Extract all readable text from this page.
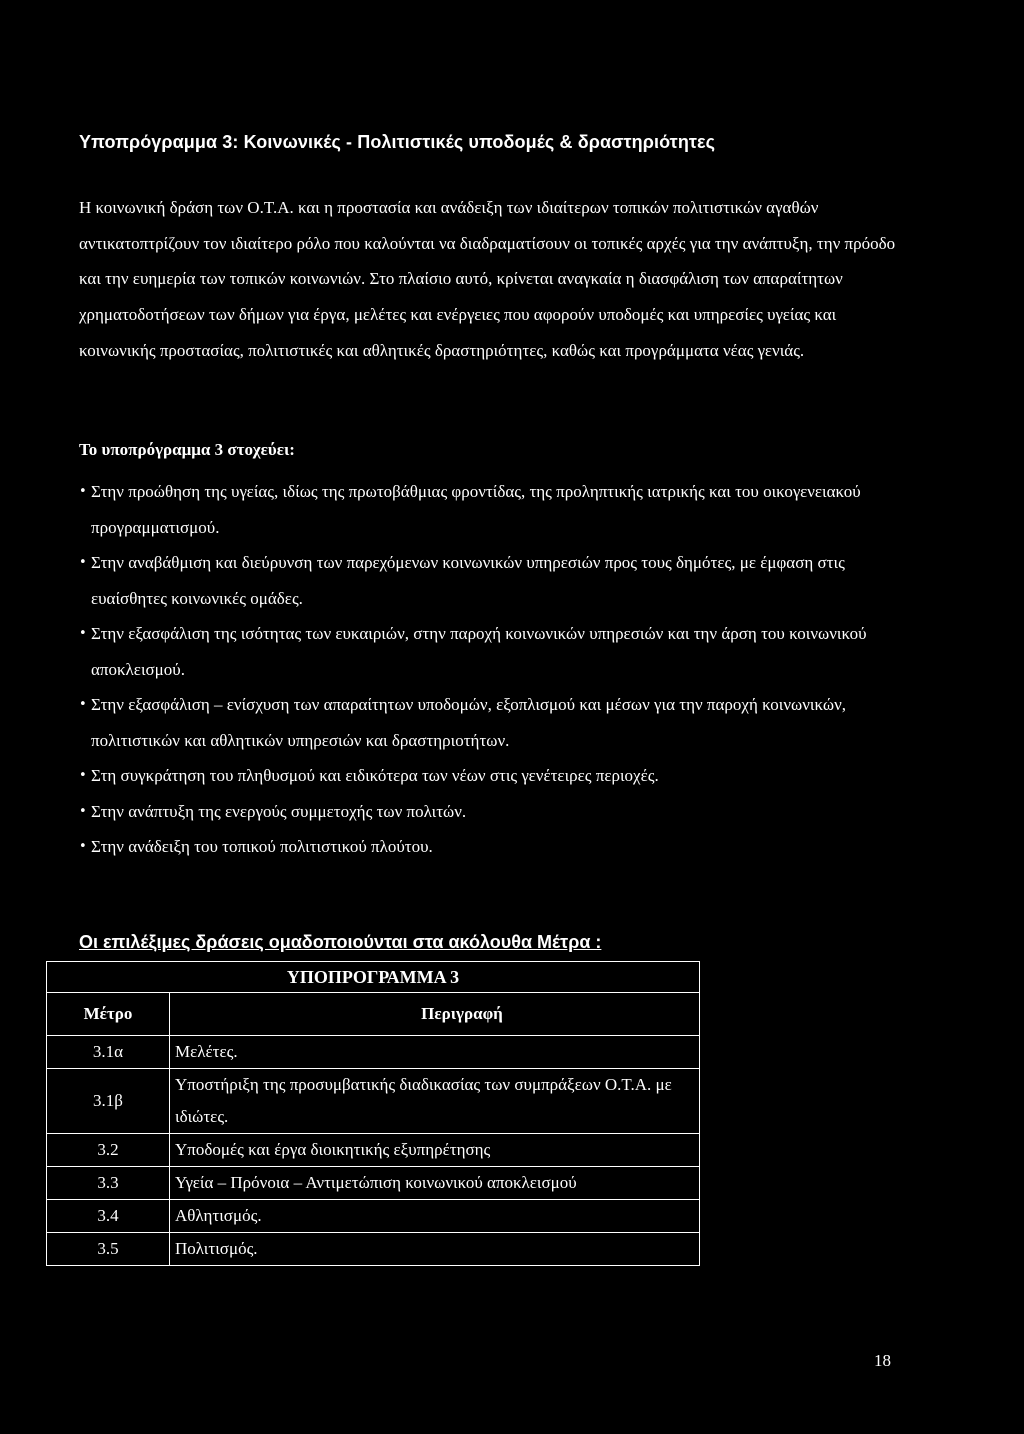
Υποπρόγραμμα 3: Κοινωνικές - Πολιτιστικές υποδομές & δραστηριότητες

Η κοινωνική δράση των Ο.Τ.Α. και η προστασία και ανάδειξη των ιδιαίτερων τοπικών πολιτιστικών αγαθών αντικατοπτρίζουν τον ιδιαίτερο ρόλο που καλούνται να διαδραματίσουν οι τοπικές αρχές για την ανάπτυξη, την πρόοδο και την ευημερία των τοπικών κοινωνιών. Στο πλαίσιο αυτό, κρίνεται αναγκαία η διασφάλιση των απαραίτητων χρηματοδοτήσεων των δήμων για έργα, μελέτες και ενέργειες που αφορούν υποδομές και υπηρεσίες υγείας και κοινωνικής προστασίας, πολιτιστικές και αθλητικές δραστηριότητες, καθώς και προγράμματα νέας γενιάς.

Το υποπρόγραμμα 3 στοχεύει:
• Στην προώθηση της υγείας, ιδίως της πρωτοβάθμιας φροντίδας, της προληπτικής ιατρικής και του οικογενειακού προγραμματισμού.
• Στην αναβάθμιση και διεύρυνση των παρεχόμενων κοινωνικών υπηρεσιών προς τους δημότες, με έμφαση στις ευαίσθητες κοινωνικές ομάδες.
• Στην εξασφάλιση της ισότητας των ευκαιριών, στην παροχή κοινωνικών υπηρεσιών και την άρση του κοινωνικού αποκλεισμού.
• Στην εξασφάλιση – ενίσχυση των απαραίτητων υποδομών, εξοπλισμού και μέσων για την παροχή κοινωνικών, πολιτιστικών και αθλητικών υπηρεσιών και δραστηριοτήτων.
• Στη συγκράτηση του πληθυσμού και ειδικότερα των νέων στις γενέτειρες περιοχές.
• Στην ανάπτυξη της ενεργούς συμμετοχής των πολιτών.
• Στην ανάδειξη του τοπικού πολιτιστικού πλούτου.
Οι επιλέξιμες δράσεις ομαδοποιούνται στα ακόλουθα Μέτρα :
ΥΠΟΠΡΟΓΡΑΜΜΑ 3	
Μέτρο	Περιγραφή
3.1α	Μελέτες.
3.1β	Υποστήριξη της προσυμβατικής διαδικασίας των συμπράξεων Ο.Τ.Α. με ιδιώτες.
3.2	Υποδομές και έργα διοικητικής εξυπηρέτησης
3.3	Υγεία – Πρόνοια – Αντιμετώπιση κοινωνικού αποκλεισμού
3.4	Αθλητισμός.
3.5	Πολιτισμός.
18
